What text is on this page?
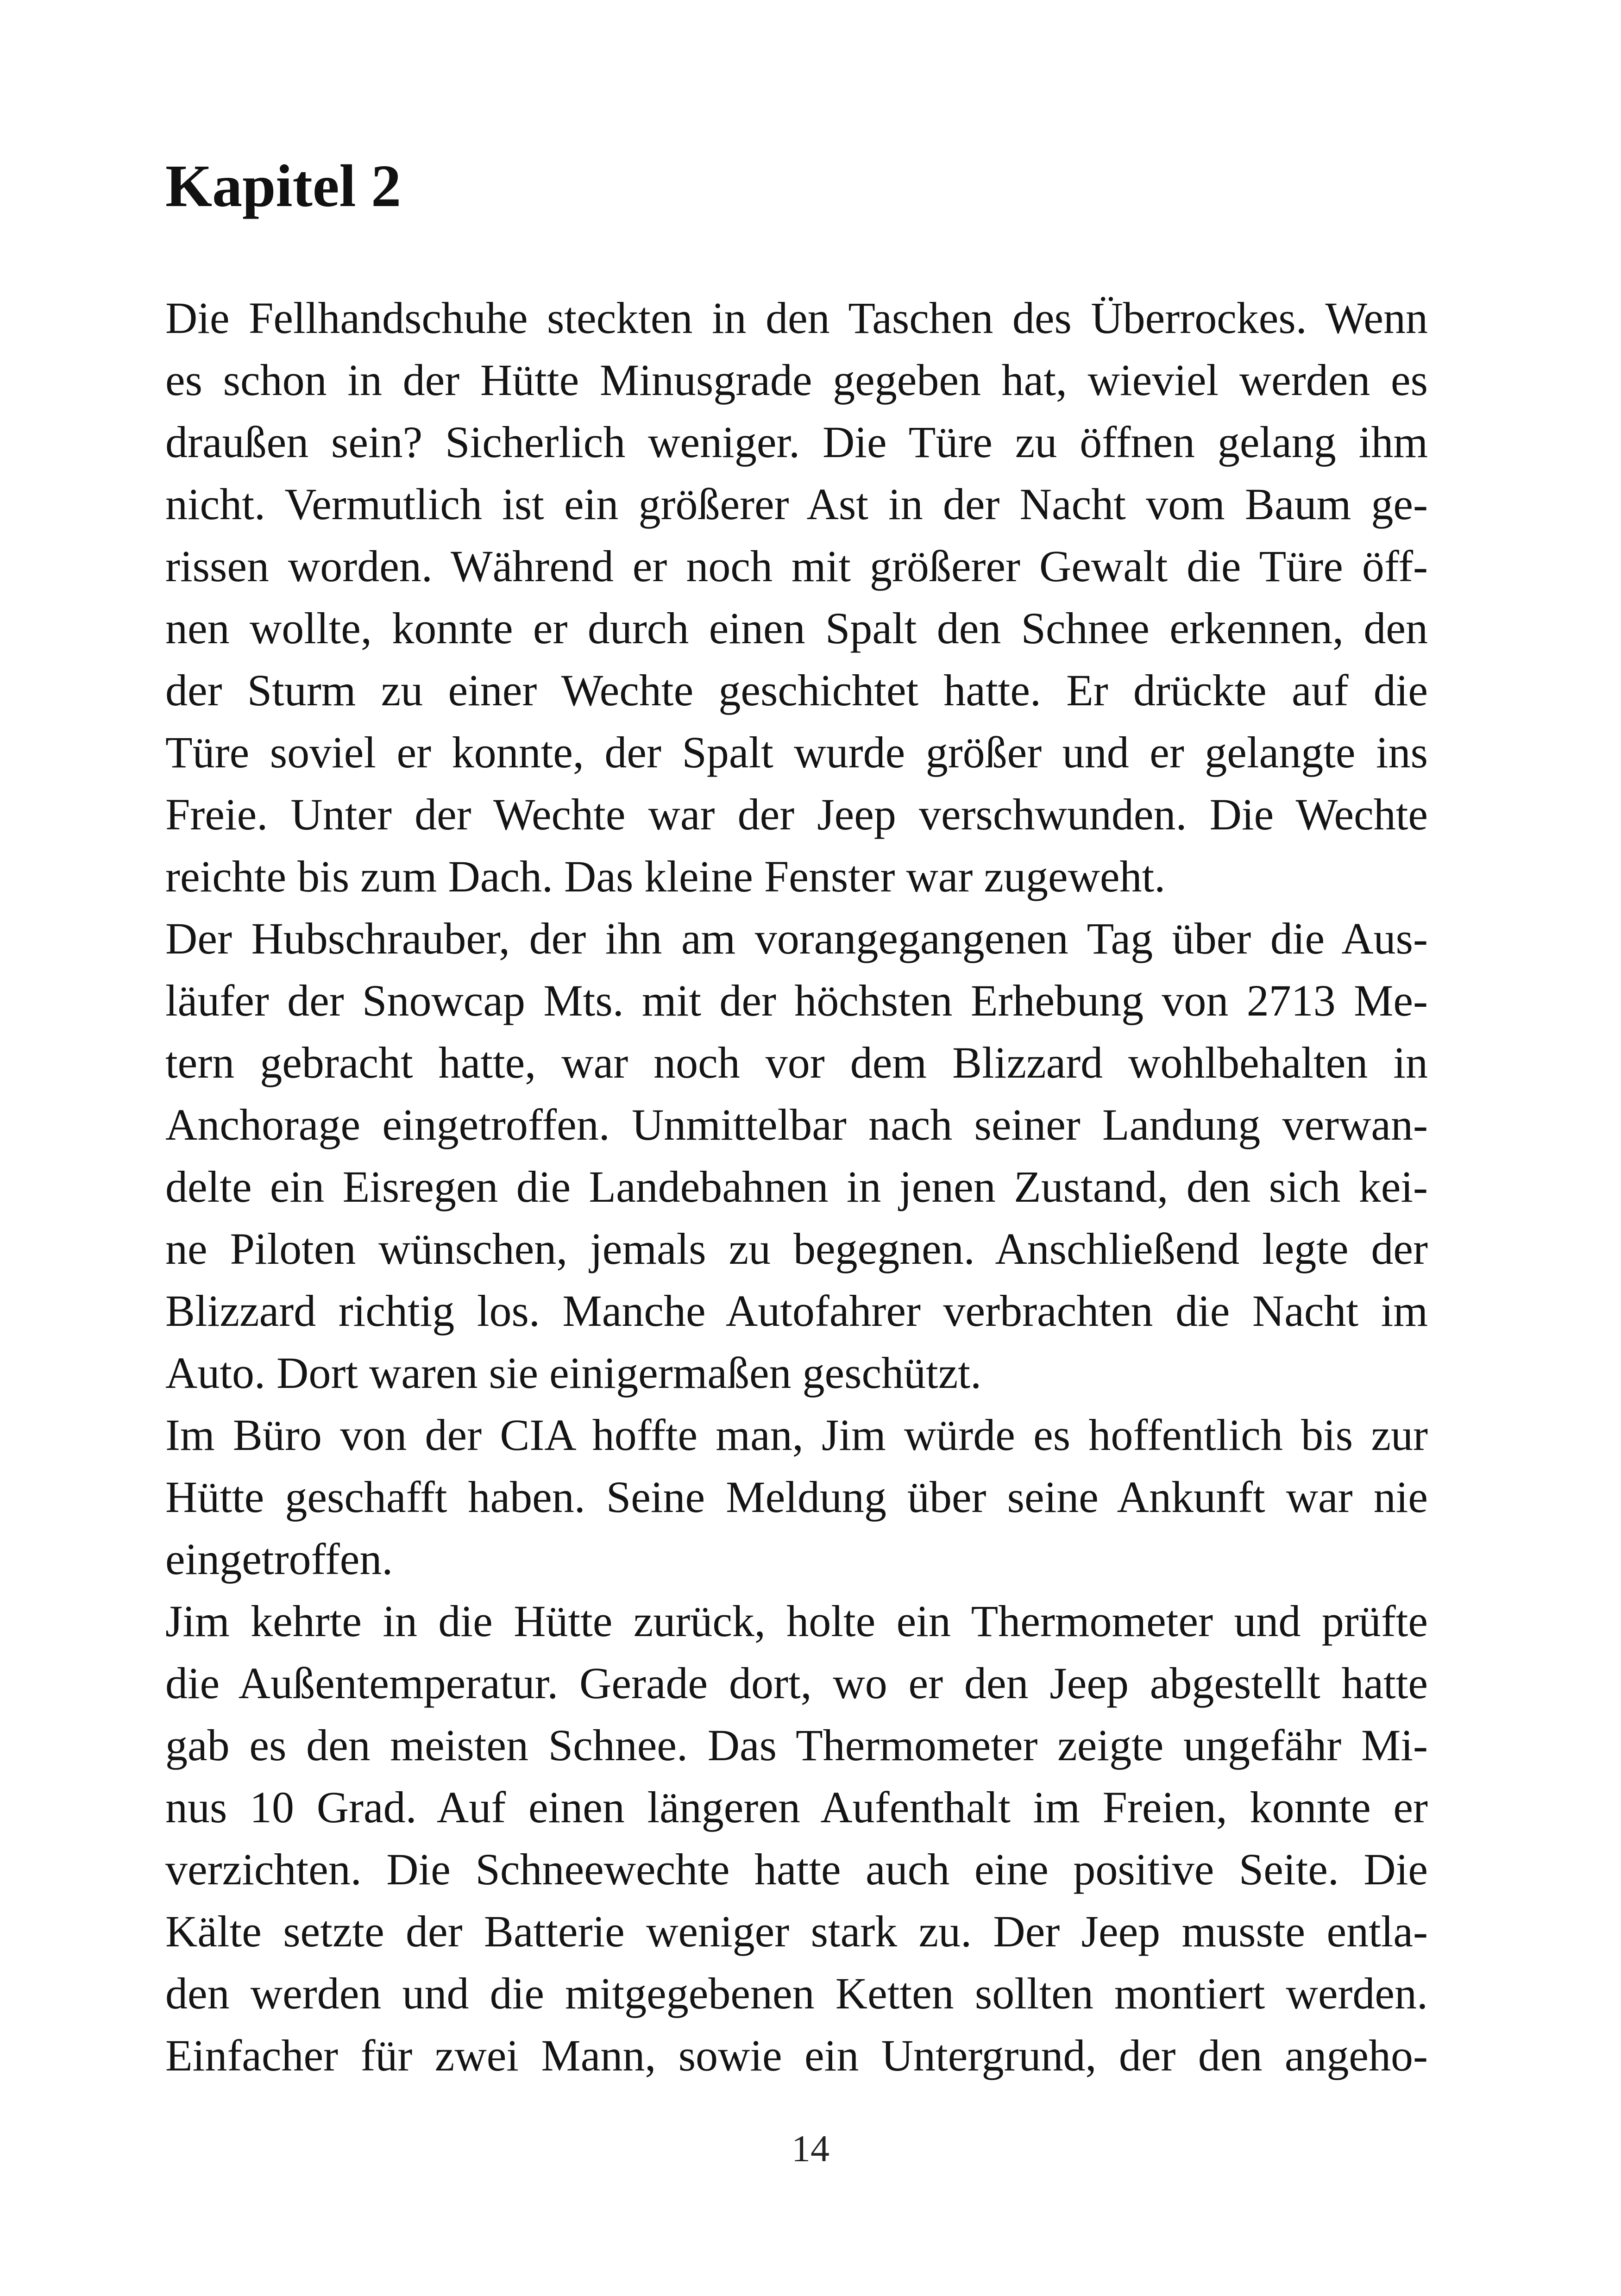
Kapitel 2
Die Fellhandschuhe steckten in den Taschen des Überrockes. Wenn
es schon in der Hütte Minusgrade gegeben hat, wieviel werden es
draußen sein? Sicherlich weniger. Die Türe zu öffnen gelang ihm
nicht. Vermutlich ist ein größerer Ast in der Nacht vom Baum ge-
rissen worden. Während er noch mit größerer Gewalt die Türe öff-
nen wollte, konnte er durch einen Spalt den Schnee erkennen, den
der Sturm zu einer Wechte geschichtet hatte. Er drückte auf die
Türe soviel er konnte, der Spalt wurde größer und er gelangte ins
Freie. Unter der Wechte war der Jeep verschwunden. Die Wechte
reichte bis zum Dach. Das kleine Fenster war zugeweht.
Der Hubschrauber, der ihn am vorangegangenen Tag über die Aus-
läufer der Snowcap Mts. mit der höchsten Erhebung von 2713 Me-
tern gebracht hatte, war noch vor dem Blizzard wohlbehalten in
Anchorage eingetroffen. Unmittelbar nach seiner Landung verwan-
delte ein Eisregen die Landebahnen in jenen Zustand, den sich kei-
ne Piloten wünschen, jemals zu begegnen. Anschließend legte der
Blizzard richtig los. Manche Autofahrer verbrachten die Nacht im
Auto. Dort waren sie einigermaßen geschützt.
Im Büro von der CIA hoffte man, Jim würde es hoffentlich bis zur
Hütte geschafft haben. Seine Meldung über seine Ankunft war nie
eingetroffen.
Jim kehrte in die Hütte zurück, holte ein Thermometer und prüfte
die Außentemperatur. Gerade dort, wo er den Jeep abgestellt hatte
gab es den meisten Schnee. Das Thermometer zeigte ungefähr Mi-
nus 10 Grad. Auf einen längeren Aufenthalt im Freien, konnte er
verzichten. Die Schneewechte hatte auch eine positive Seite. Die
Kälte setzte der Batterie weniger stark zu. Der Jeep musste entla-
den werden und die mitgegebenen Ketten sollten montiert werden.
Einfacher für zwei Mann, sowie ein Untergrund, der den angeho-
14
